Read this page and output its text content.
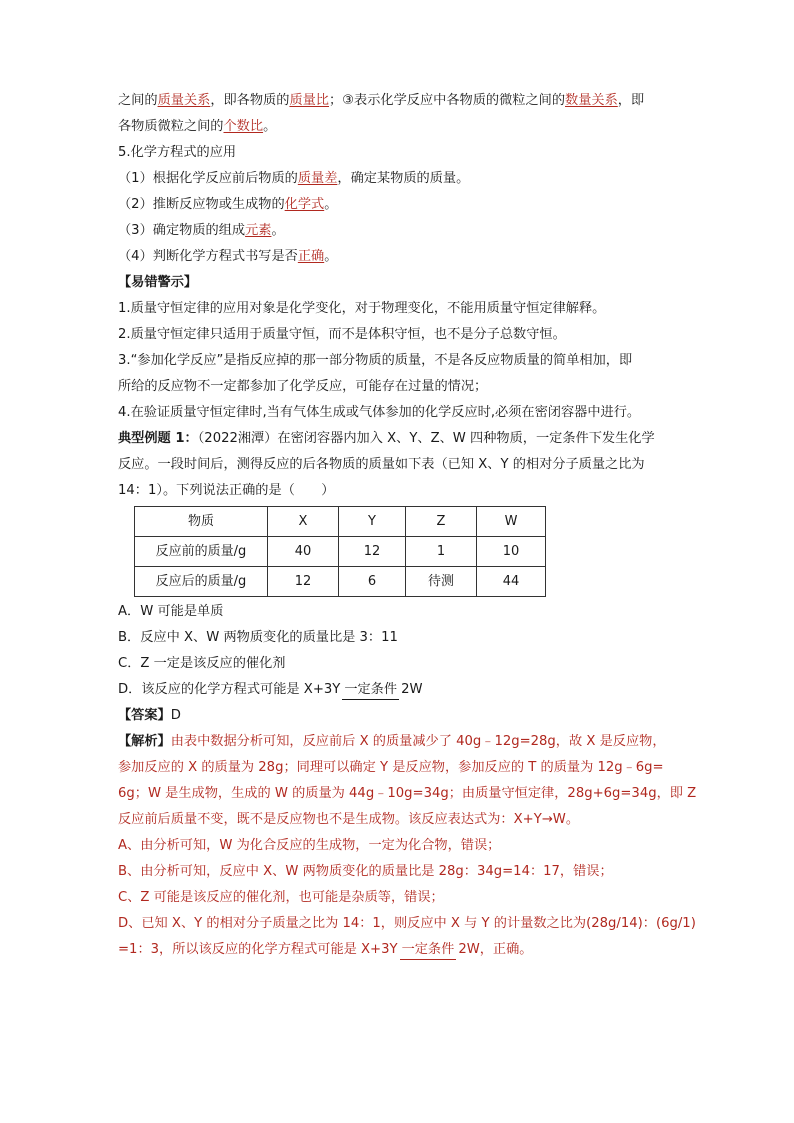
之间的质量关系，即各物质的质量比；③表示化学反应中各物质的微粒之间的数量关系，即
各物质微粒之间的个数比。
5.化学方程式的应用
（1）根据化学反应前后物质的质量差，确定某物质的质量。
（2）推断反应物或生成物的化学式。
（3）确定物质的组成元素。
（4）判断化学方程式书写是否正确。
【易错警示】
1.质量守恒定律的应用对象是化学变化，对于物理变化，不能用质量守恒定律解释。
2.质量守恒定律只适用于质量守恒，而不是体积守恒，也不是分子总数守恒。
3.“参加化学反应”是指反应掉的那一部分物质的质量，不是各反应物质量的简单相加，即
所给的反应物不一定都参加了化学反应，可能存在过量的情况；
4.在验证质量守恒定律时,当有气体生成或气体参加的化学反应时,必须在密闭容器中进行。
典型例题 1：（2022湘潭）在密闭容器内加入 X、Y、Z、W 四种物质，一定条件下发生化学
反应。一段时间后，测得反应的后各物质的质量如下表（已知 X、Y 的相对分子质量之比为
14：1）。下列说法正确的是（　　）
物质	X	Y	Z	W
反应前的质量/g	40	12	1	10
反应后的质量/g	12	6	待测	44
A．W 可能是单质
B．反应中 X、W 两物质变化的质量比是 3：11
C．Z 一定是该反应的催化剂
D．该反应的化学方程式可能是 X+3Y 一定条件 2W
【答案】D
【解析】由表中数据分析可知，反应前后 X 的质量减少了 40g﹣12g=28g，故 X 是反应物，
参加反应的 X 的质量为 28g；同理可以确定 Y 是反应物，参加反应的 T 的质量为 12g﹣6g=
6g；W 是生成物，生成的 W 的质量为 44g﹣10g=34g；由质量守恒定律，28g+6g=34g，即 Z
反应前后质量不变，既不是反应物也不是生成物。该反应表达式为：X+Y→W。
A、由分析可知，W 为化合反应的生成物，一定为化合物，错误；
B、由分析可知，反应中 X、W 两物质变化的质量比是 28g：34g=14：17，错误；
C、Z 可能是该反应的催化剂，也可能是杂质等，错误；
D、已知 X、Y 的相对分子质量之比为 14：1，则反应中 X 与 Y 的计量数之比为(28g/14)：(6g/1)
=1：3，所以该反应的化学方程式可能是 X+3Y 一定条件 2W，正确。
